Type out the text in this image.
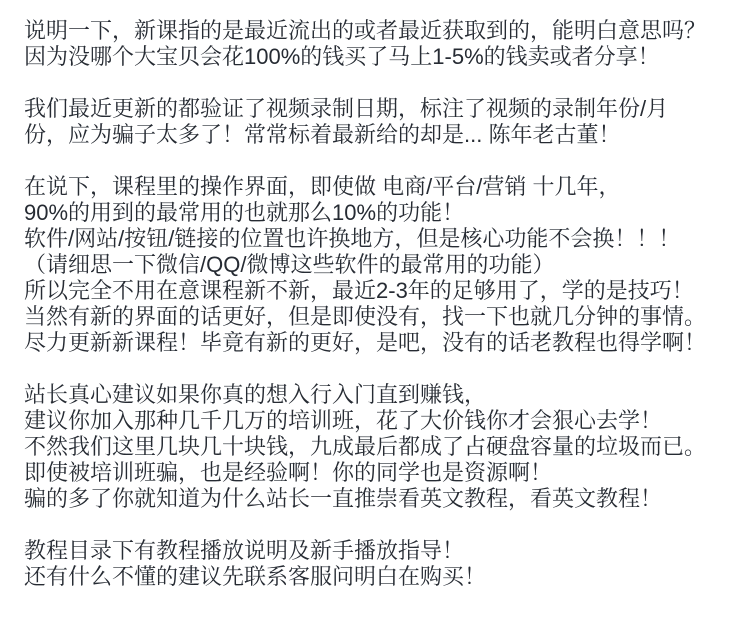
说明一下，新课指的是最近流出的或者最近获取到的，能明白意思吗？
因为没哪个大宝贝会花100%的钱买了马上1-5%的钱卖或者分享！
我们最近更新的都验证了视频录制日期，标注了视频的录制年份/月
份，应为骗子太多了！常常标着最新给的却是... 陈年老古董！
在说下，课程里的操作界面，即使做 电商/平台/营销 十几年，
90%的用到的最常用的也就那么10%的功能！
软件/网站/按钮/链接的位置也许换地方，但是核心功能不会换！！！
（请细思一下微信/QQ/微博这些软件的最常用的功能）
所以完全不用在意课程新不新，最近2-3年的足够用了，学的是技巧！
当然有新的界面的话更好，但是即使没有，找一下也就几分钟的事情。
尽力更新新课程！毕竟有新的更好，是吧，没有的话老教程也得学啊！
站长真心建议如果你真的想入行入门直到赚钱，
建议你加入那种几千几万的培训班，花了大价钱你才会狠心去学！
不然我们这里几块几十块钱，九成最后都成了占硬盘容量的垃圾而已。
即使被培训班骗，也是经验啊！你的同学也是资源啊！
骗的多了你就知道为什么站长一直推崇看英文教程，看英文教程！
教程目录下有教程播放说明及新手播放指导！
还有什么不懂的建议先联系客服问明白在购买！
